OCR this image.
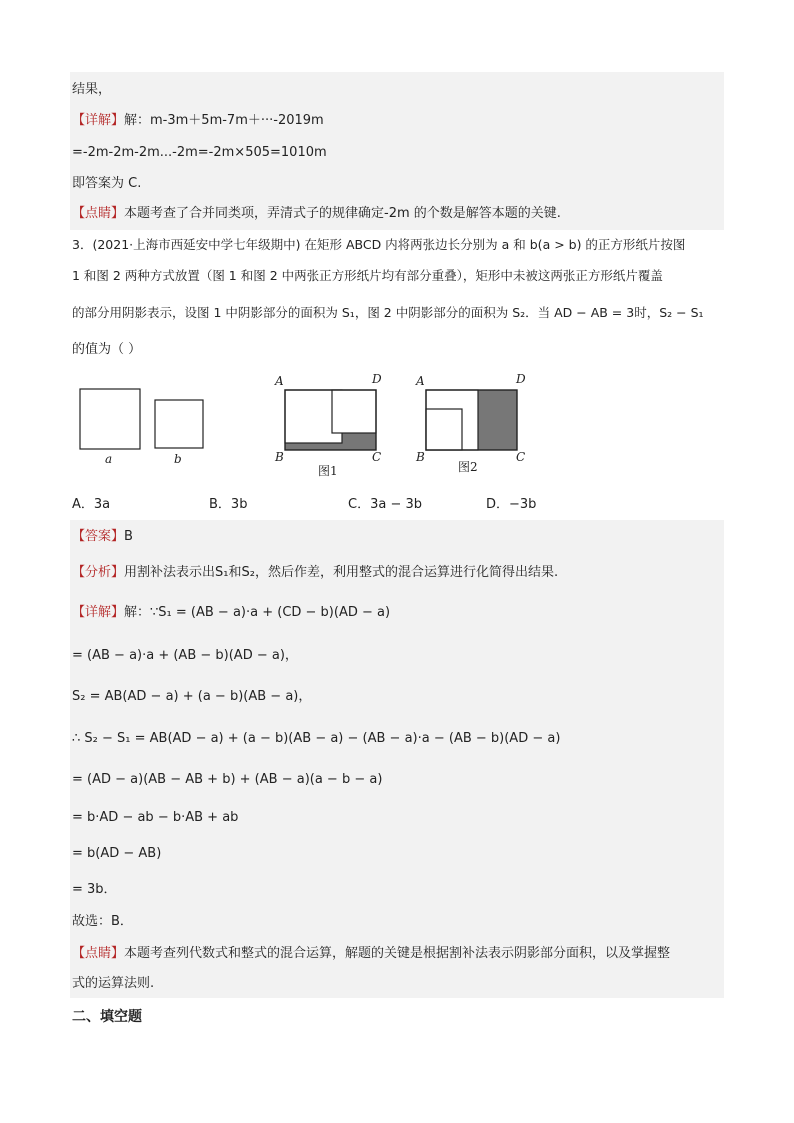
结果，
【详解】解：m-3m＋5m-7m＋···-2019m
=-2m-2m-2m...-2m=-2m×505=1010m
即答案为 C.
【点睛】本题考查了合并同类项，弄清式子的规律确定-2m 的个数是解答本题的关键.
3．(2021·上海市西延安中学七年级期中) 在矩形 ABCD 内将两张边长分别为 a 和 b(a > b) 的正方形纸片按图
1 和图 2 两种方式放置（图 1 和图 2 中两张正方形纸片均有部分重叠），矩形中未被这两张正方形纸片覆盖
的部分用阴影表示，设图 1 中阴影部分的面积为 S₁，图 2 中阴影部分的面积为 S₂．当 AD − AB = 3时，S₂ − S₁
的值为（ ）
a	b
A	D
B	C
图1
A	D
B	C
图2
A．3a	B．3b	C．3a − 3b	D．−3b
【答案】B
【分析】用割补法表示出S₁和S₂，然后作差，利用整式的混合运算进行化简得出结果.
【详解】解：∵S₁ = (AB − a)·a + (CD − b)(AD − a)
= (AB − a)·a + (AB − b)(AD − a)，
S₂ = AB(AD − a) + (a − b)(AB − a)，
∴ S₂ − S₁ = AB(AD − a) + (a − b)(AB − a) − (AB − a)·a − (AB − b)(AD − a)
= (AD − a)(AB − AB + b) + (AB − a)(a − b − a)
= b·AD − ab − b·AB + ab
= b(AD − AB)
= 3b．
故选：B．
【点睛】本题考查列代数式和整式的混合运算，解题的关键是根据割补法表示阴影部分面积，以及掌握整
式的运算法则.
二、填空题
